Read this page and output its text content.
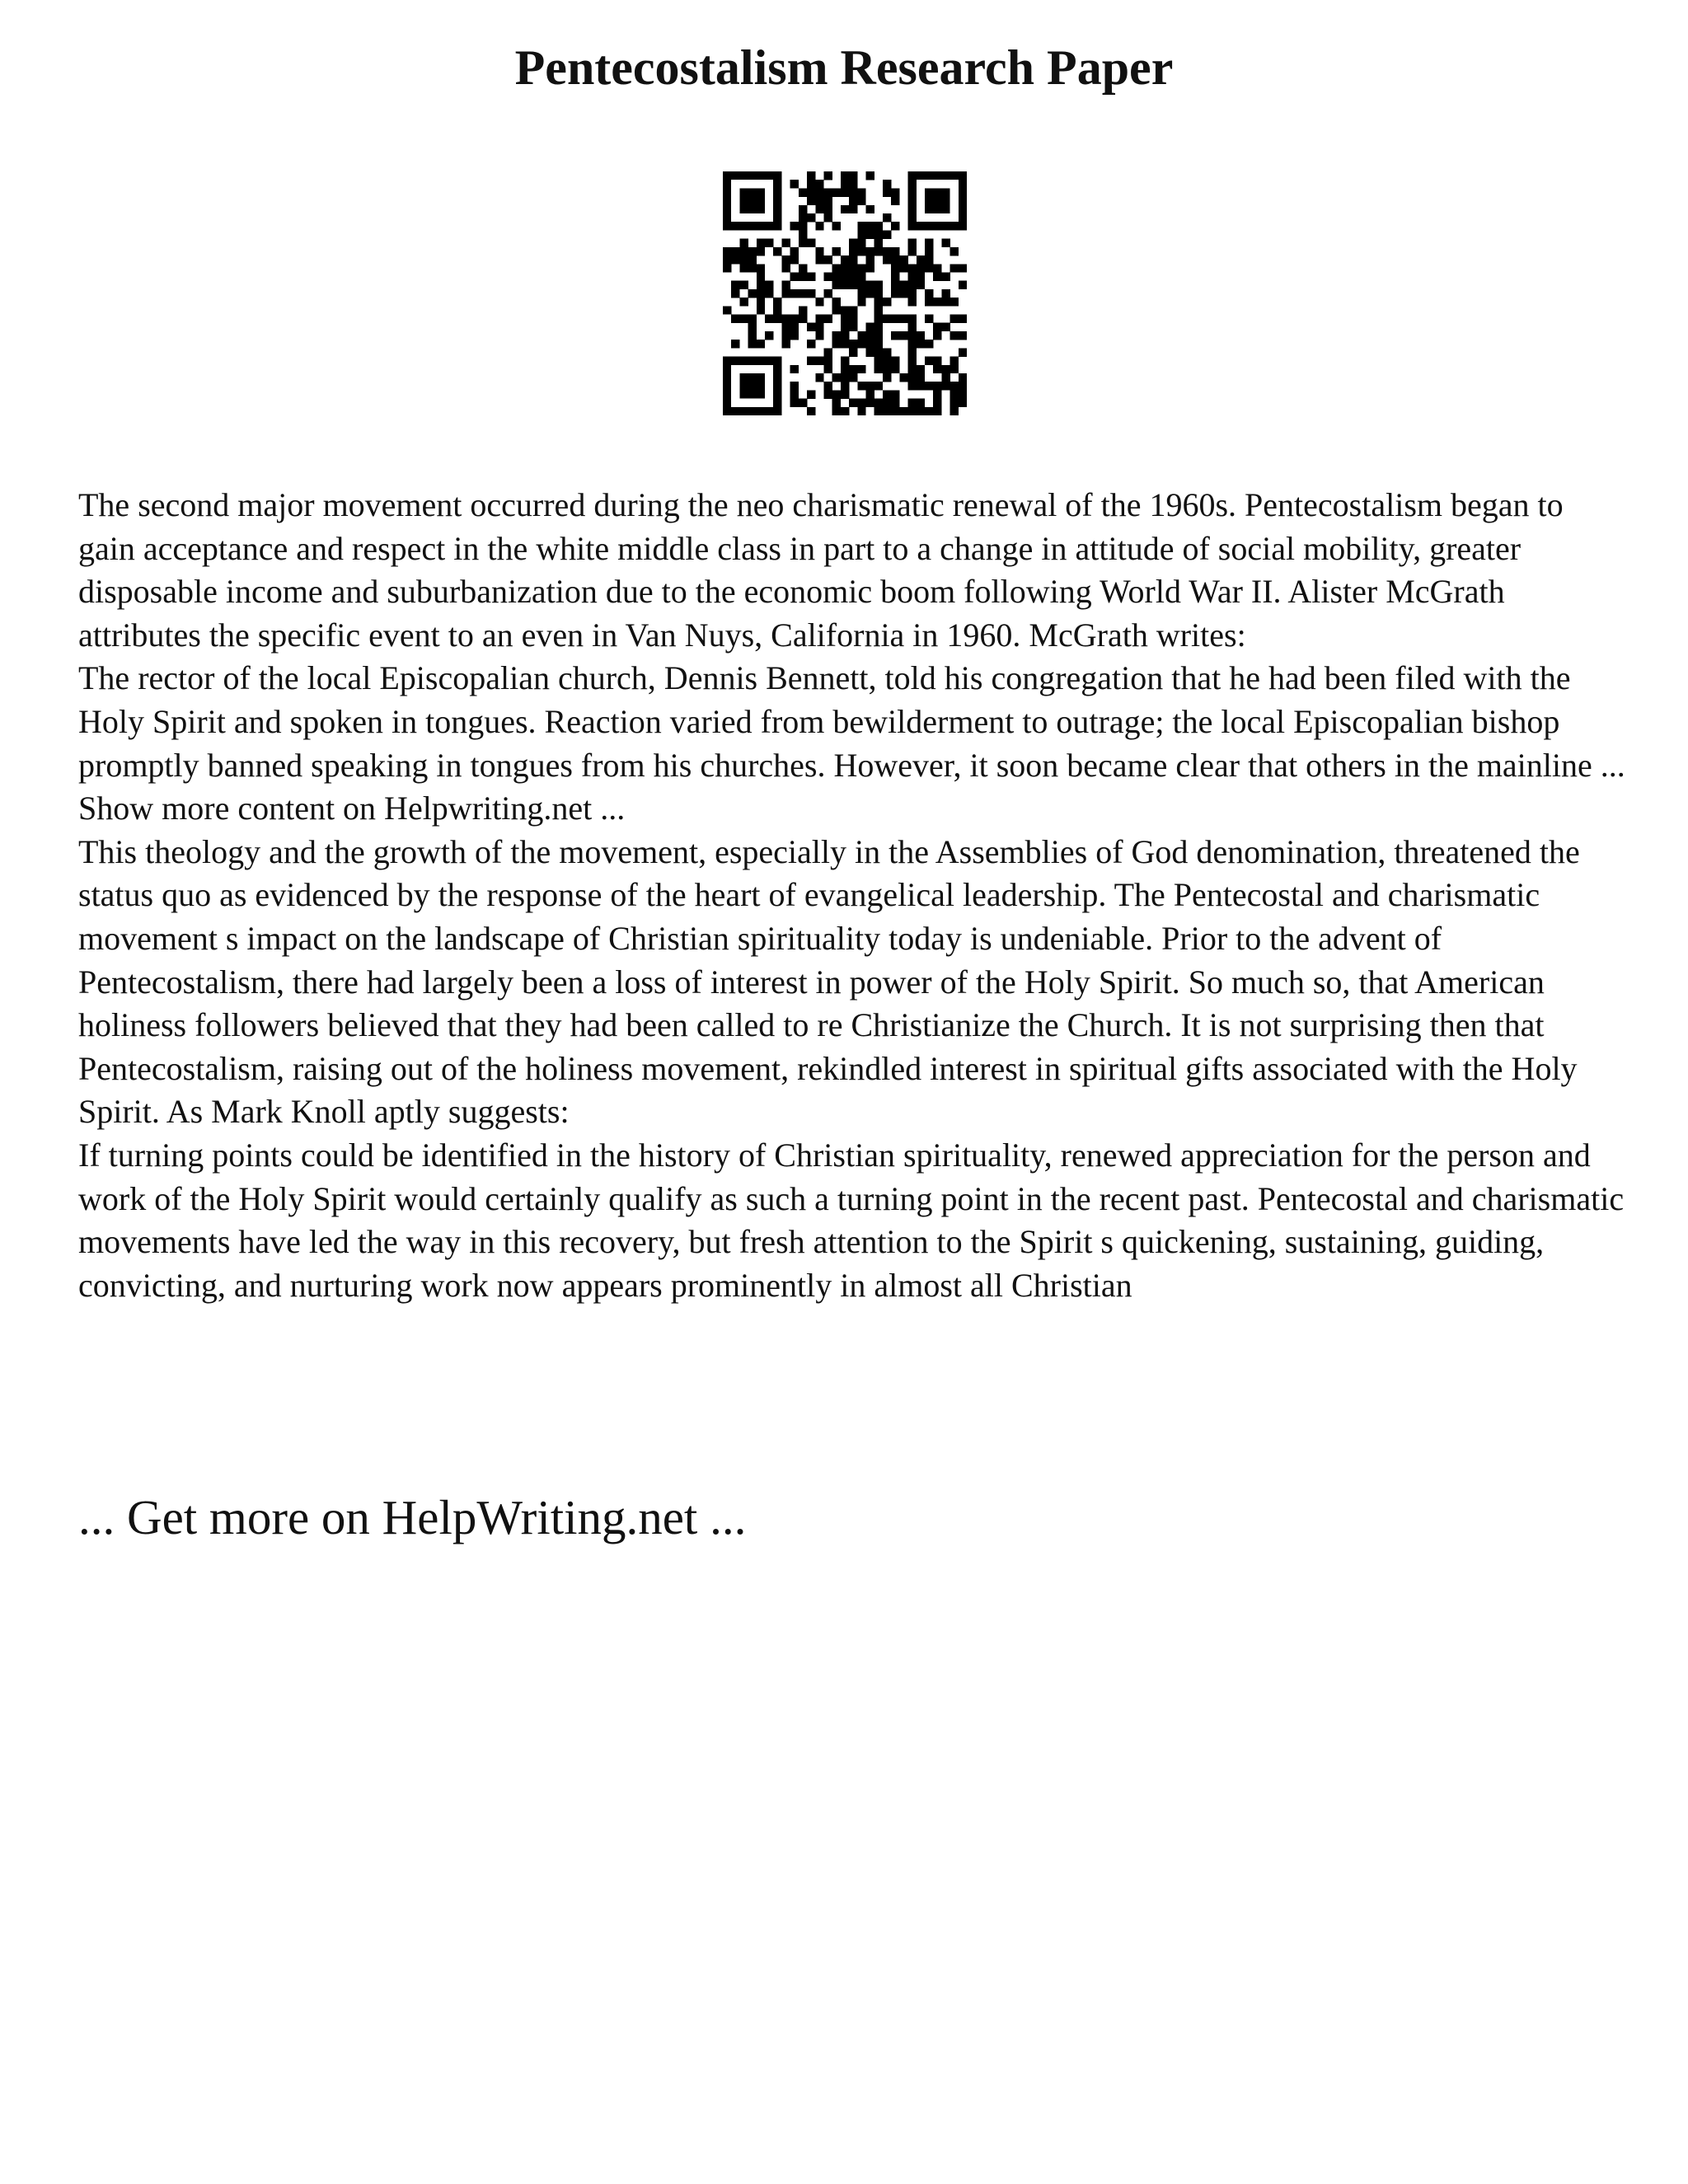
Pentecostalism Research Paper

The second major movement occurred during the neo charismatic renewal of the 1960s. Pentecostalism began to gain acceptance and respect in the white middle class in part to a change in attitude of social mobility, greater disposable income and suburbanization due to the economic boom following World War II. Alister McGrath attributes the specific event to an even in Van Nuys, California in 1960. McGrath writes:

The rector of the local Episcopalian church, Dennis Bennett, told his congregation that he had been filed with the Holy Spirit and spoken in tongues. Reaction varied from bewilderment to outrage; the local Episcopalian bishop promptly banned speaking in tongues from his churches. However, it soon became clear that others in the mainline ... Show more content on Helpwriting.net ...

This theology and the growth of the movement, especially in the Assemblies of God denomination, threatened the status quo as evidenced by the response of the heart of evangelical leadership. The Pentecostal and charismatic movement s impact on the landscape of Christian spirituality today is undeniable. Prior to the advent of Pentecostalism, there had largely been a loss of interest in power of the Holy Spirit. So much so, that American holiness followers believed that they had been called to re Christianize the Church. It is not surprising then that Pentecostalism, raising out of the holiness movement, rekindled interest in spiritual gifts associated with the Holy Spirit. As Mark Knoll aptly suggests:

If turning points could be identified in the history of Christian spirituality, renewed appreciation for the person and work of the Holy Spirit would certainly qualify as such a turning point in the recent past. Pentecostal and charismatic movements have led the way in this recovery, but fresh attention to the Spirit s quickening, sustaining, guiding, convicting, and nurturing work now appears prominently in almost all Christian

... Get more on HelpWriting.net ...
